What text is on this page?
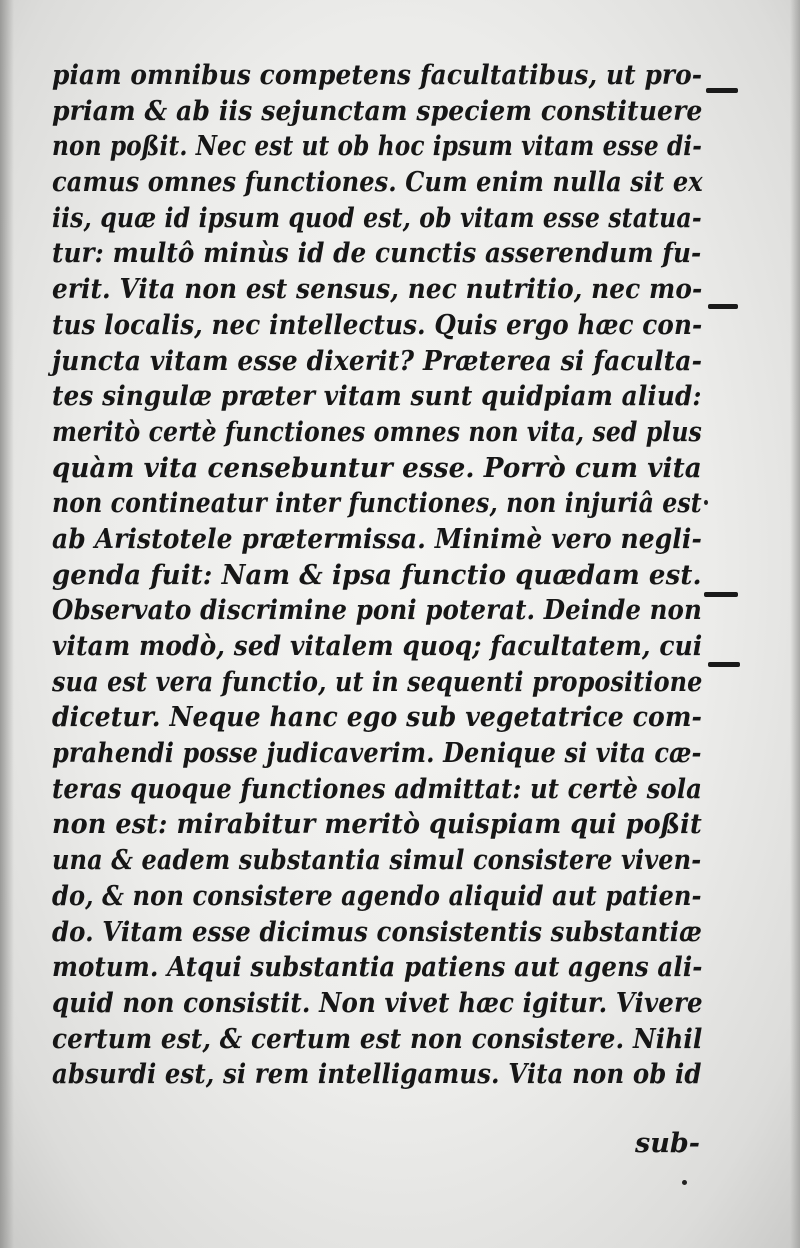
piam omnibus competens facultatibus, ut pro-
priam & ab iis sejunctam speciem constituere
non poßit. Nec est ut ob hoc ipsum vitam esse di-
camus omnes functiones. Cum enim nulla sit ex
iis, quæ id ipsum quod est, ob vitam esse statua-
tur: multô minùs id de cunctis asserendum fu-
erit. Vita non est sensus, nec nutritio, nec mo-
tus localis, nec intellectus. Quis ergo hæc con-
juncta vitam esse dixerit? Præterea si faculta-
tes singulæ præter vitam sunt quidpiam aliud:
meritò certè functiones omnes non vita, sed plus
quàm vita censebuntur esse. Porrò cum vita
non contineatur inter functiones, non injuriâ est
ab Aristotele prætermissa. Minimè vero negli-
genda fuit: Nam & ipsa functio quædam est.
Observato discrimine poni poterat. Deinde non
vitam modò, sed vitalem quoq; facultatem, cui
sua est vera functio, ut in sequenti propositione
dicetur. Neque hanc ego sub vegetatrice com-
prahendi posse judicaverim. Denique si vita cæ-
teras quoque functiones admittat: ut certè sola
non est: mirabitur meritò quispiam qui poßit
una & eadem substantia simul consistere viven-
do, & non consistere agendo aliquid aut patien-
do. Vitam esse dicimus consistentis substantiæ
motum. Atqui substantia patiens aut agens ali-
quid non consistit. Non vivet hæc igitur. Vivere
certum est, & certum est non consistere. Nihil
absurdi est, si rem intelligamus. Vita non ob id
sub-
